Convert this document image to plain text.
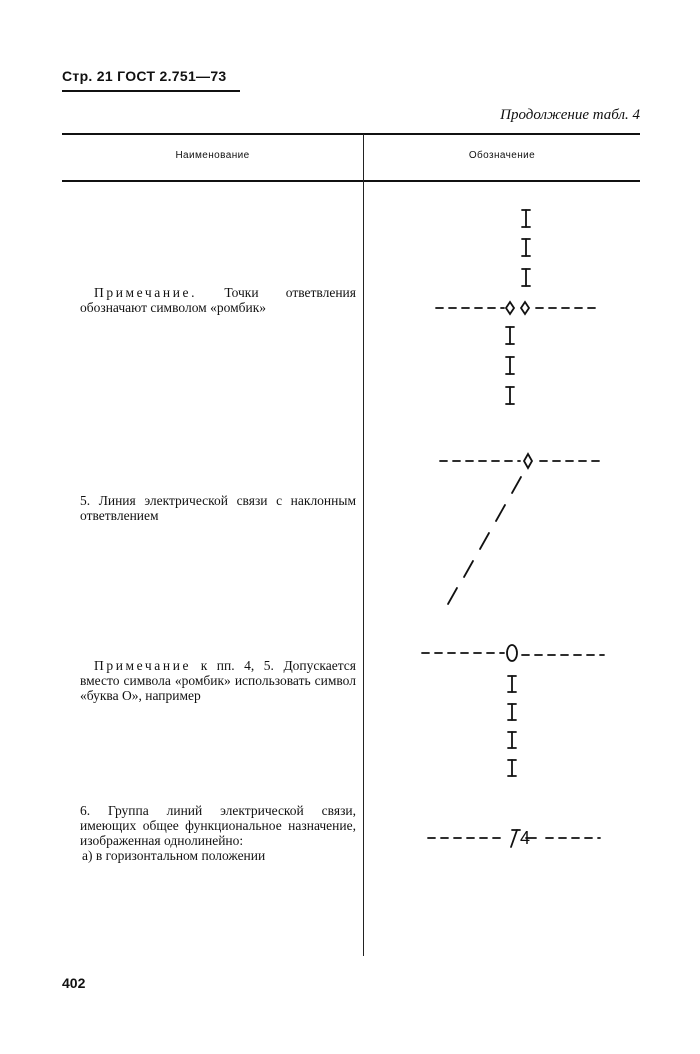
Стр. 21 ГОСТ 2.751—73
Продолжение табл. 4
Наименование	Обозначение
Примечание. Точки ответвления обозначают символом «ромбик»
5. Линия электрической связи с наклонным ответвлением
Примечание к пп. 4, 5. Допускается вместо символа «ромбик» использовать символ «буква О», например
6. Группа линий электрической связи, имеющих общее функциональное назначение, изображенная однолинейно:
а) в горизонтальном положении
4
402
